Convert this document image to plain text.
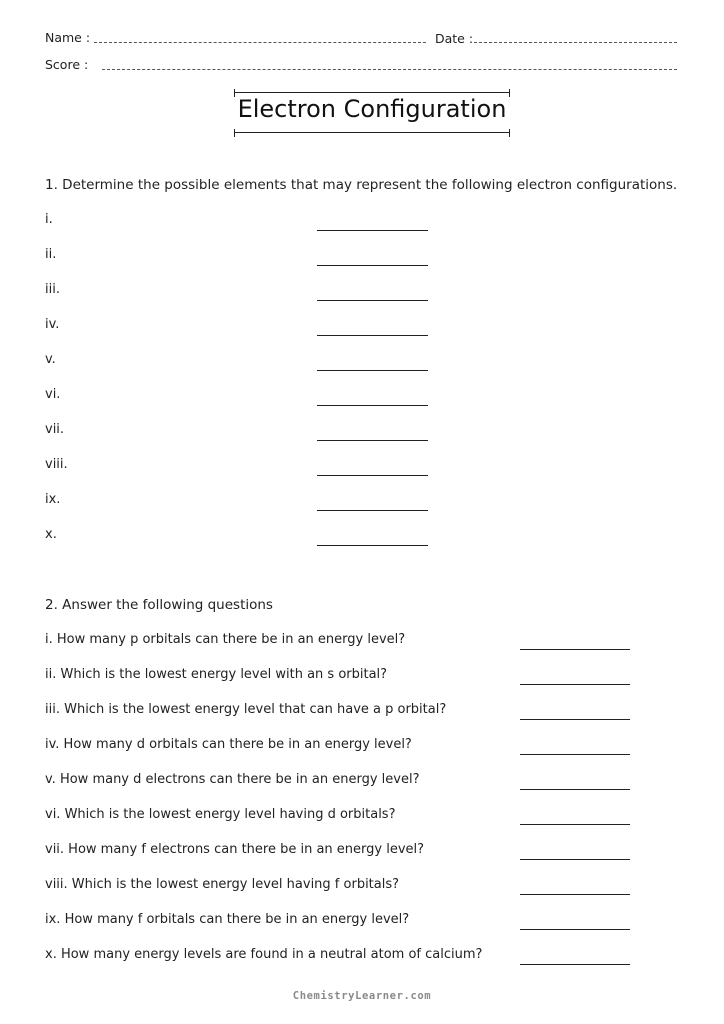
Name :	Date :
Score :
Electron Configuration
1. Determine the possible elements that may represent the following electron configurations.
i.
ii.
iii.
iv.
v.
vi.
vii.
viii.
ix.
x.
2. Answer the following questions
i. How many p orbitals can there be in an energy level?
ii. Which is the lowest energy level with an s orbital?
iii. Which is the lowest energy level that can have a p orbital?
iv. How many d orbitals can there be in an energy level?
v. How many d electrons can there be in an energy level?
vi. Which is the lowest energy level having d orbitals?
vii. How many f electrons can there be in an energy level?
viii. Which is the lowest energy level having f orbitals?
ix. How many f orbitals can there be in an energy level?
x. How many energy levels are found in a neutral atom of calcium?
ChemistryLearner.com
